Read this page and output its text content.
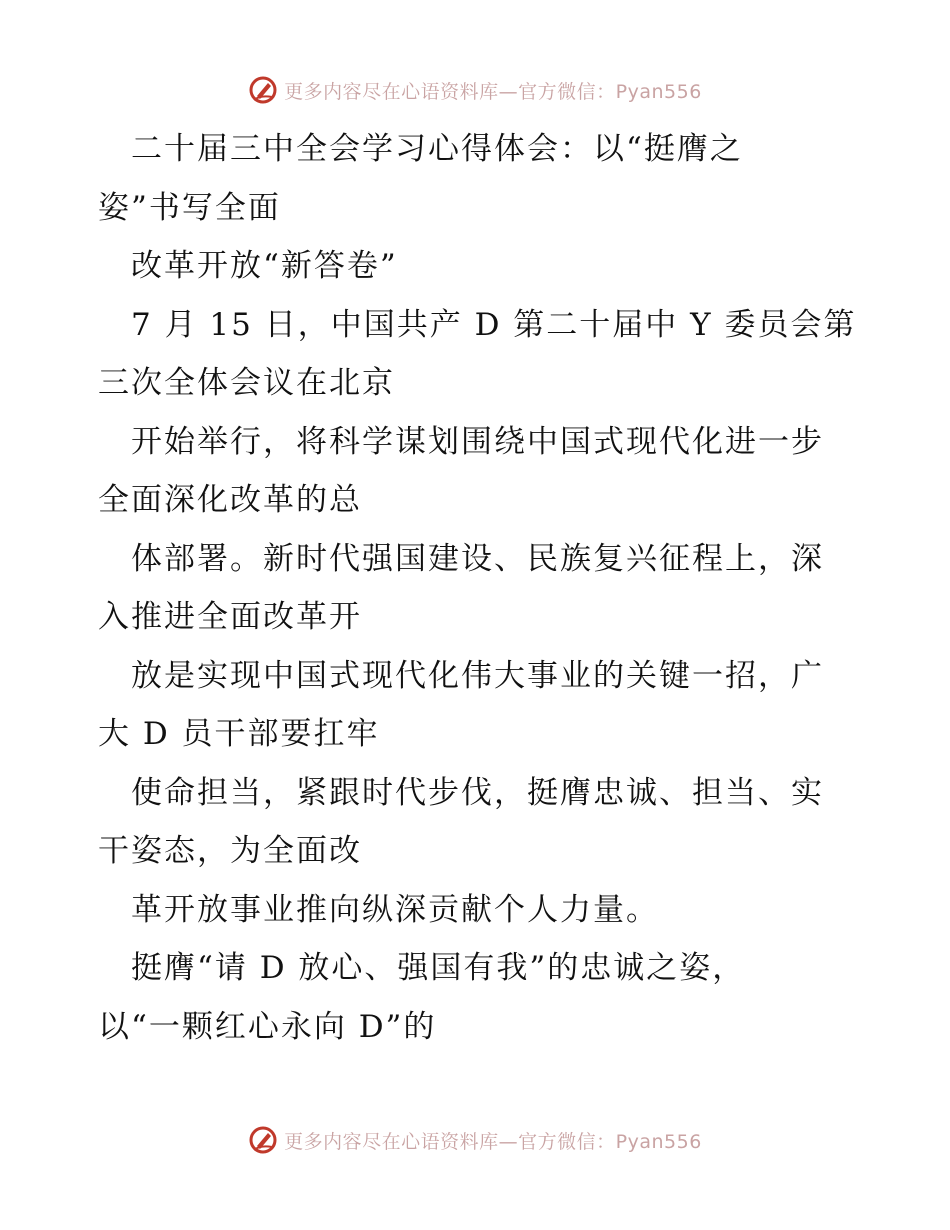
更多内容尽在心语资料库—官方微信：Pyan556
　二十届三中全会学习心得体会：以“挺膺之
姿”书写全面
　改革开放“新答卷”
　7 月 15 日，中国共产 D 第二十届中 Y 委员会第
三次全体会议在北京
　开始举行，将科学谋划围绕中国式现代化进一步
全面深化改革的总
　体部署。新时代强国建设、民族复兴征程上，深
入推进全面改革开
　放是实现中国式现代化伟大事业的关键一招，广
大 D 员干部要扛牢
　使命担当，紧跟时代步伐，挺膺忠诚、担当、实
干姿态，为全面改
　革开放事业推向纵深贡献个人力量。
　挺膺“请 D 放心、强国有我”的忠诚之姿，
以“一颗红心永向 D”的
更多内容尽在心语资料库—官方微信：Pyan556
